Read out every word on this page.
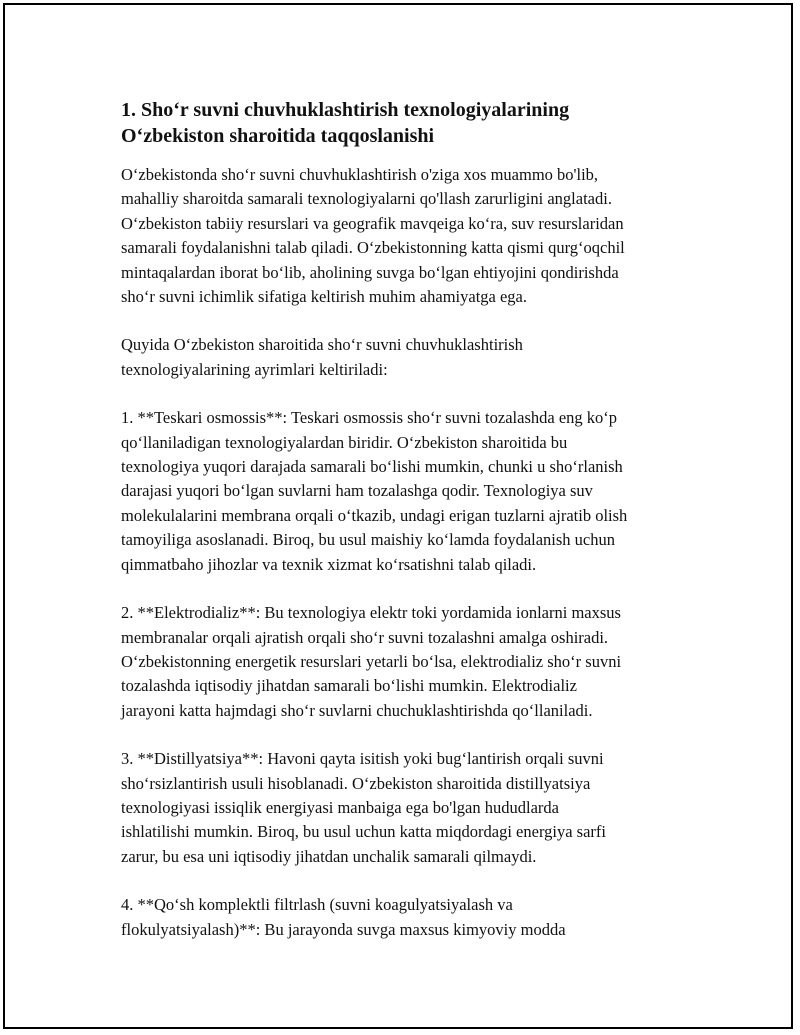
1. Sho‘r suvni chuvhuklashtirish texnologiyalarining
O‘zbekiston sharoitida taqqoslanishi

O‘zbekistonda sho‘r suvni chuvhuklashtirish o'ziga xos muammo bo'lib,
mahalliy sharoitda samarali texnologiyalarni qo'llash zarurligini anglatadi.
O‘zbekiston tabiiy resurslari va geografik mavqeiga ko‘ra, suv resurslaridan
samarali foydalanishni talab qiladi. O‘zbekistonning katta qismi qurg‘oqchil
mintaqalardan iborat bo‘lib, aholining suvga bo‘lgan ehtiyojini qondirishda
sho‘r suvni ichimlik sifatiga keltirish muhim ahamiyatga ega.

Quyida O‘zbekiston sharoitida sho‘r suvni chuvhuklashtirish
texnologiyalarining ayrimlari keltiriladi:

1. **Teskari osmossis**: Teskari osmossis sho‘r suvni tozalashda eng ko‘p
qo‘llaniladigan texnologiyalardan biridir. O‘zbekiston sharoitida bu
texnologiya yuqori darajada samarali bo‘lishi mumkin, chunki u sho‘rlanish
darajasi yuqori bo‘lgan suvlarni ham tozalashga qodir. Texnologiya suv
molekulalarini membrana orqali o‘tkazib, undagi erigan tuzlarni ajratib olish
tamoyiliga asoslanadi. Biroq, bu usul maishiy ko‘lamda foydalanish uchun
qimmatbaho jihozlar va texnik xizmat ko‘rsatishni talab qiladi.

2. **Elektrodializ**: Bu texnologiya elektr toki yordamida ionlarni maxsus
membranalar orqali ajratish orqali sho‘r suvni tozalashni amalga oshiradi.
O‘zbekistonning energetik resurslari yetarli bo‘lsa, elektrodializ sho‘r suvni
tozalashda iqtisodiy jihatdan samarali bo‘lishi mumkin. Elektrodializ
jarayoni katta hajmdagi sho‘r suvlarni chuchuklashtirishda qo‘llaniladi.

3. **Distillyatsiya**: Havoni qayta isitish yoki bug‘lantirish orqali suvni
sho‘rsizlantirish usuli hisoblanadi. O‘zbekiston sharoitida distillyatsiya
texnologiyasi issiqlik energiyasi manbaiga ega bo'lgan hududlarda
ishlatilishi mumkin. Biroq, bu usul uchun katta miqdordagi energiya sarfi
zarur, bu esa uni iqtisodiy jihatdan unchalik samarali qilmaydi.

4. **Qo‘sh komplektli filtrlash (suvni koagulyatsiyalash va
flokulyatsiyalash)**: Bu jarayonda suvga maxsus kimyoviy modda
